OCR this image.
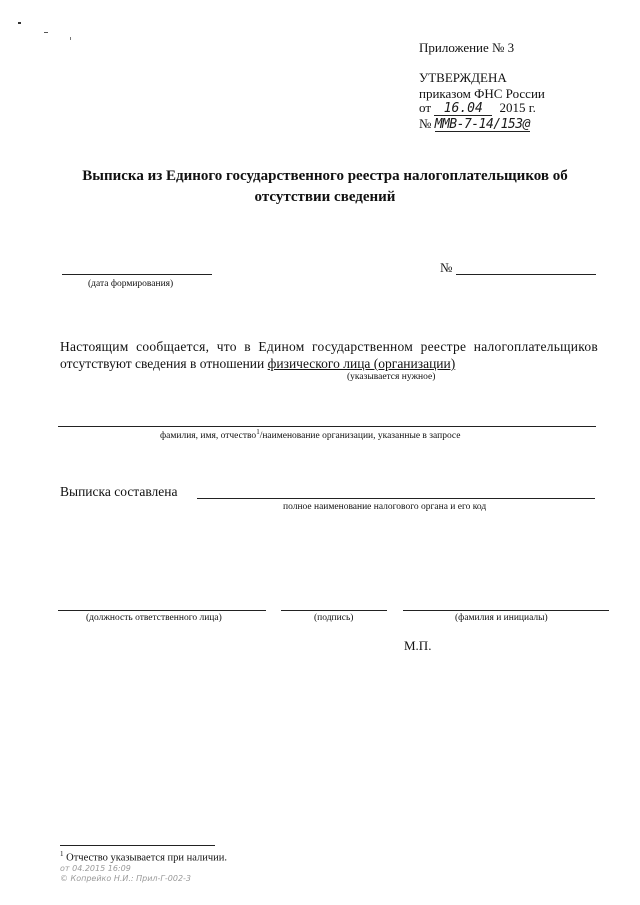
Приложение № 3
УТВЕРЖДЕНА
приказом ФНС России
от 16.04 2015 г.
№ ММВ-7-14/153@
Выписка из Единого государственного реестра налогоплательщиков об
отсутствии сведений
(дата формирования)
№
Настоящим сообщается, что в Едином государственном реестре налогоплательщиков
отсутствуют сведения в отношении физического лица (организации)
(указывается нужное)
фамилия, имя, отчество$^1$/наименование организации, указанные в запросе
Выписка составлена
полное наименование налогового органа и его код
(должность ответственного лица)	(подпись)	(фамилия и инициалы)
М.П.
$^1$ Отчество указывается при наличии.
от 04.2015 16:09
© Копрейко Н.И.: Прил-Г-002-3
